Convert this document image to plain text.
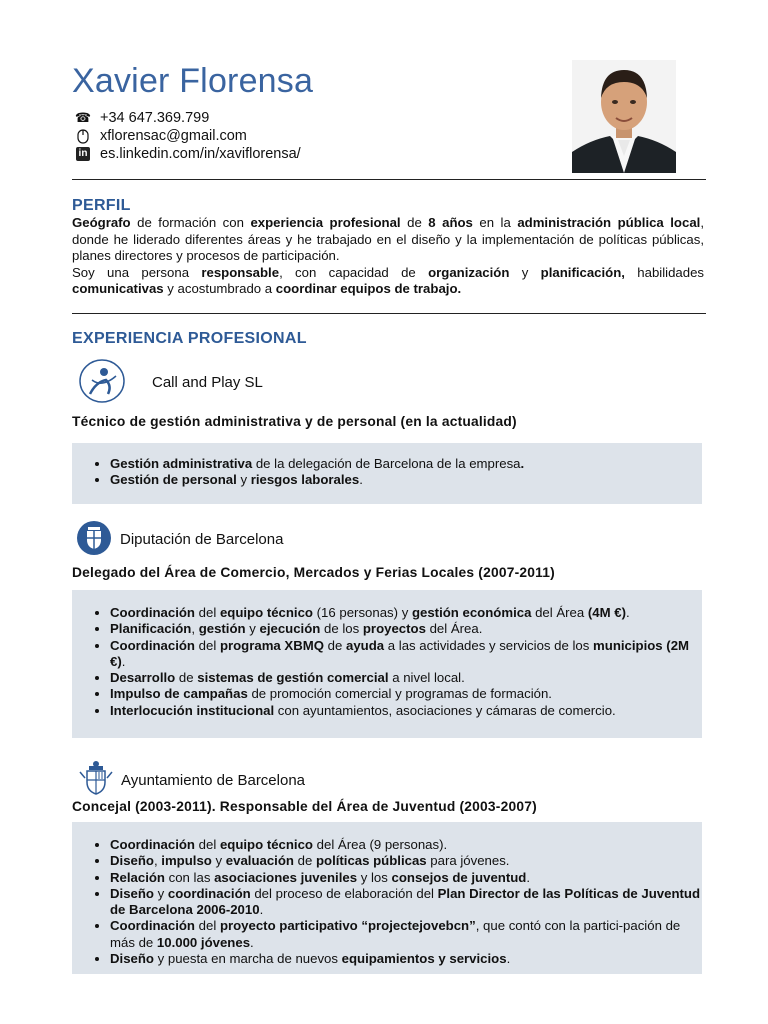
Xavier Florensa
☎ +34 647.369.799
xflorensac@gmail.com
in es.linkedin.com/in/xaviflorensa/
PERFIL

Geógrafo de formación con experiencia profesional de 8 años en la administración pública local, donde he liderado diferentes áreas y he trabajado en el diseño y la implementación de políticas públicas, planes directores y procesos de participación.

Soy una persona responsable, con capacidad de organización y planificación, habilidades comunicativas y acostumbrado a coordinar equipos de trabajo.

EXPERIENCIA PROFESIONAL
Call and Play SL
Técnico de gestión administrativa y de personal (en la actualidad)
• Gestión administrativa de la delegación de Barcelona de la empresa.
• Gestión de personal y riesgos laborales.
Diputación de Barcelona
Delegado del Área de Comercio, Mercados y Ferias Locales (2007-2011)
• Coordinación del equipo técnico (16 personas) y gestión económica del Área (4M €).
• Planificación, gestión y ejecución de los proyectos del Área.
• Coordinación del programa XBMQ de ayuda a las actividades y servicios de los municipios (2M €).
• Desarrollo de sistemas de gestión comercial a nivel local.
• Impulso de campañas de promoción comercial y programas de formación.
• Interlocución institucional con ayuntamientos, asociaciones y cámaras de comercio.
Ayuntamiento de Barcelona
Concejal (2003-2011). Responsable del Área de Juventud (2003-2007)
• Coordinación del equipo técnico del Área (9 personas).
• Diseño, impulso y evaluación de políticas públicas para jóvenes.
• Relación con las asociaciones juveniles y los consejos de juventud.
• Diseño y coordinación del proceso de elaboración del Plan Director de las Políticas de Juventud de Barcelona 2006-2010.
• Coordinación del proyecto participativo “projectejovebcn”, que contó con la partici-pación de más de 10.000 jóvenes.
• Diseño y puesta en marcha de nuevos equipamientos y servicios.
